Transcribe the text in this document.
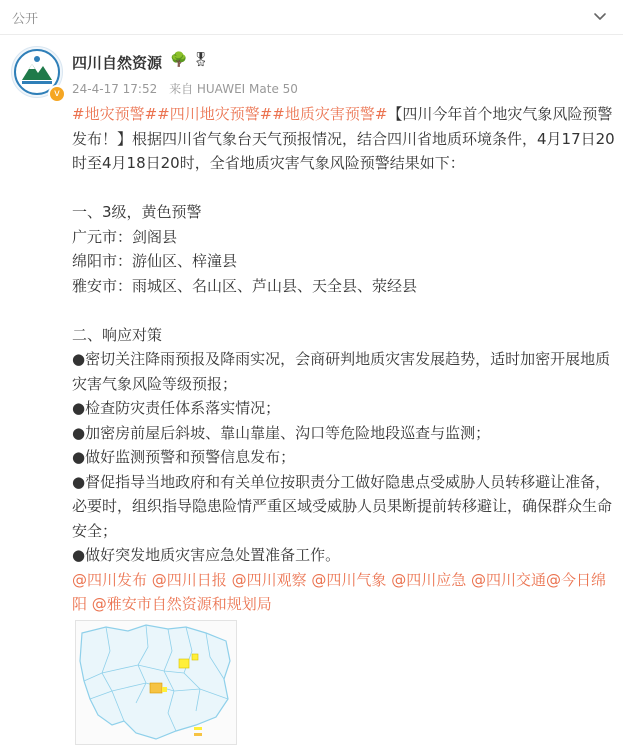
公开
v
四川自然资源 🌳 🎖
24-4-17 17:52 来自 HUAWEI Mate 50

#地灾预警##四川地灾预警##地质灾害预警#【四川今年首个地灾气象风险预警发布！】根据四川省气象台天气预报情况，结合四川省地质环境条件，4月17日20时至4月18日20时，全省地质灾害气象风险预警结果如下：

一、3级，黄色预警

广元市：剑阁县

绵阳市：游仙区、梓潼县

雅安市：雨城区、名山区、芦山县、天全县、荥经县

二、响应对策

●密切关注降雨预报及降雨实况，会商研判地质灾害发展趋势，适时加密开展地质灾害气象风险等级预报；

●检查防灾责任体系落实情况；

●加密房前屋后斜坡、靠山靠崖、沟口等危险地段巡查与监测；

●做好监测预警和预警信息发布；

●督促指导当地政府和有关单位按职责分工做好隐患点受威胁人员转移避让准备，必要时，组织指导隐患险情严重区域受威胁人员果断提前转移避让，确保群众生命安全；

●做好突发地质灾害应急处置准备工作。

@四川发布 @四川日报 @四川观察 @四川气象 @四川应急 @四川交通@今日绵阳 @雅安市自然资源和规划局
